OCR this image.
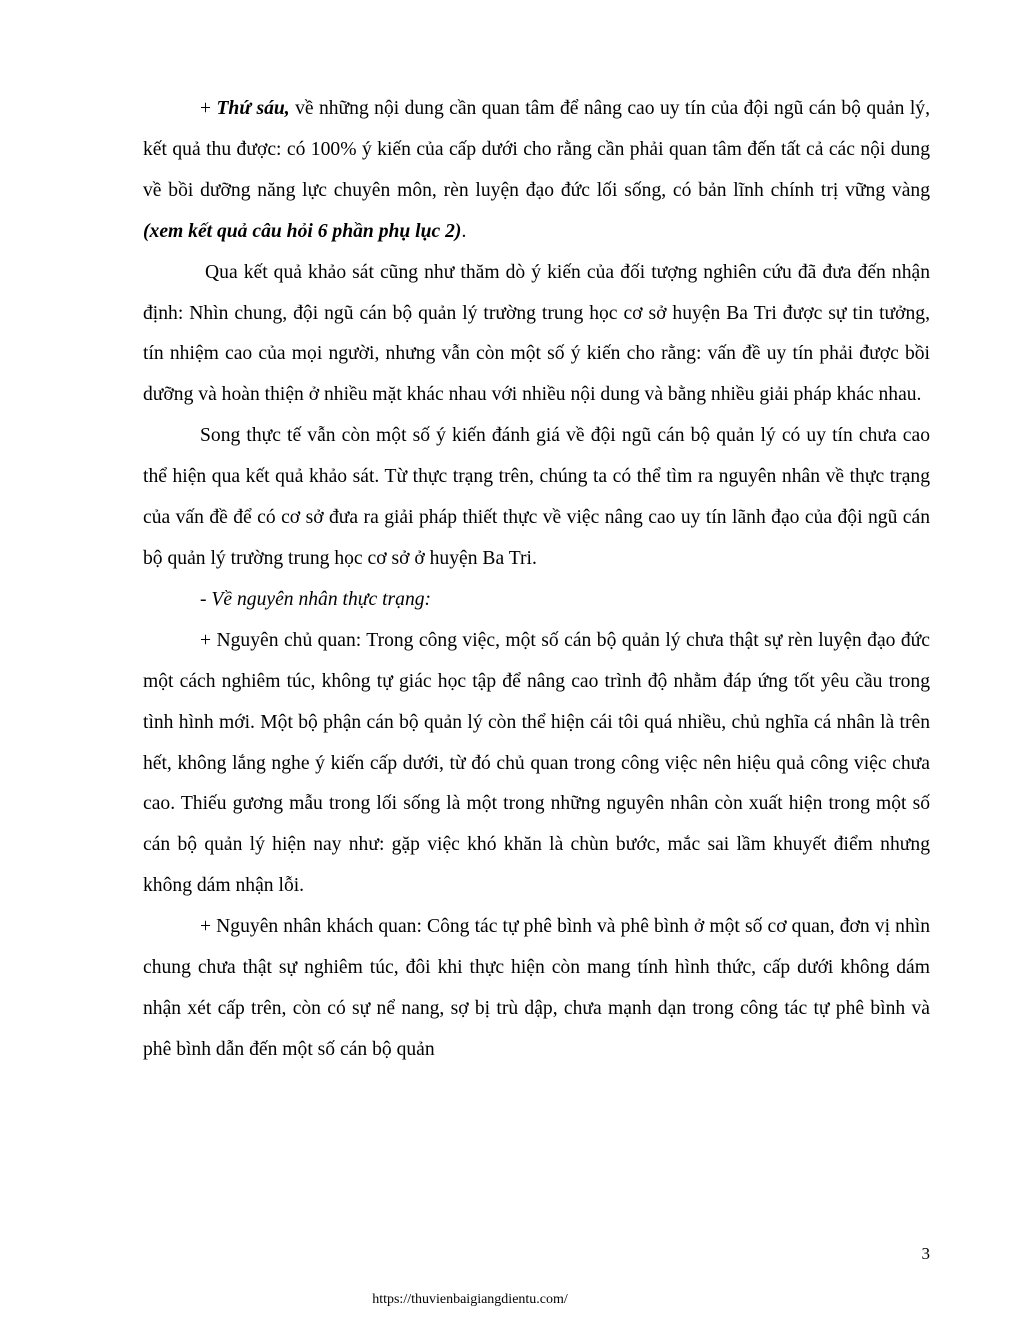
+ Thứ sáu, về những nội dung cần quan tâm để nâng cao uy tín của đội ngũ cán bộ quản lý, kết quả thu được: có 100% ý kiến của cấp dưới cho rằng cần phải quan tâm đến tất cả các nội dung về bồi dưỡng năng lực chuyên môn, rèn luyện đạo đức lối sống, có bản lĩnh chính trị vững vàng (xem kết quả câu hỏi 6 phần phụ lục 2).

Qua kết quả khảo sát cũng như thăm dò ý kiến của đối tượng nghiên cứu đã đưa đến nhận định: Nhìn chung, đội ngũ cán bộ quản lý trường trung học cơ sở huyện Ba Tri được sự tin tưởng, tín nhiệm cao của mọi người, nhưng vẫn còn một số ý kiến cho rằng: vấn đề uy tín phải được bồi dưỡng và hoàn thiện ở nhiều mặt khác nhau với nhiều nội dung và bằng nhiều giải pháp khác nhau.

Song thực tế vẫn còn một số ý kiến đánh giá về đội ngũ cán bộ quản lý có uy tín chưa cao thể hiện qua kết quả khảo sát. Từ thực trạng trên, chúng ta có thể tìm ra nguyên nhân về thực trạng của vấn đề để có cơ sở đưa ra giải pháp thiết thực về việc nâng cao uy tín lãnh đạo của đội ngũ cán bộ quản lý trường trung học cơ sở ở huyện Ba Tri.

- Về nguyên nhân thực trạng:

+ Nguyên chủ quan: Trong công việc, một số cán bộ quản lý chưa thật sự rèn luyện đạo đức một cách nghiêm túc, không tự giác học tập để nâng cao trình độ nhằm đáp ứng tốt yêu cầu trong tình hình mới. Một bộ phận cán bộ quản lý còn thể hiện cái tôi quá nhiều, chủ nghĩa cá nhân là trên hết, không lắng nghe ý kiến cấp dưới, từ đó chủ quan trong công việc nên hiệu quả công việc chưa cao. Thiếu gương mẫu trong lối sống là một trong những nguyên nhân còn xuất hiện trong một số cán bộ quản lý hiện nay như: gặp việc khó khăn là chùn bước, mắc sai lầm khuyết điểm nhưng không dám nhận lỗi.

+ Nguyên nhân khách quan: Công tác tự phê bình và phê bình ở một số cơ quan, đơn vị nhìn chung chưa thật sự nghiêm túc, đôi khi thực hiện còn mang tính hình thức, cấp dưới không dám nhận xét cấp trên, còn có sự nể nang, sợ bị trù dập, chưa mạnh dạn trong công tác tự phê bình và phê bình dẫn đến một số cán bộ quản

3
https://thuvienbaigiangdientu.com/
